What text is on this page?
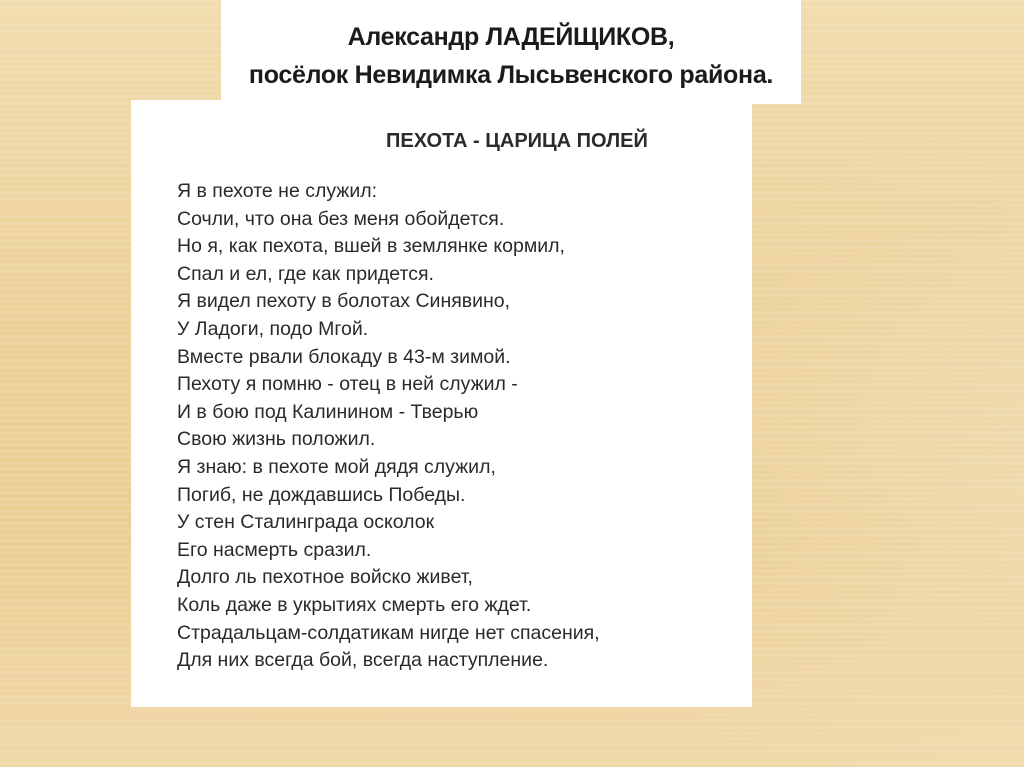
Александр ЛАДЕЙЩИКОВ,
посёлок Невидимка Лысьвенского района.
ПЕХОТА - ЦАРИЦА ПОЛЕЙ
Я в пехоте не служил:
Сочли, что она без меня обойдется.
Но я, как пехота, вшей в землянке кормил,
Спал и ел, где как придется.
Я видел пехоту в болотах Синявино,
У Ладоги, подо Мгой.
Вместе рвали блокаду в 43-м зимой.
Пехоту я помню - отец в ней служил -
И в бою под Калинином - Тверью
Свою жизнь положил.
Я знаю: в пехоте мой дядя служил,
Погиб, не дождавшись Победы.
У стен Сталинграда осколок
Его насмерть сразил.
Долго ль пехотное войско живет,
Коль даже в укрытиях смерть его ждет.
Страдальцам-солдатикам нигде нет спасения,
Для них всегда бой, всегда наступление.
